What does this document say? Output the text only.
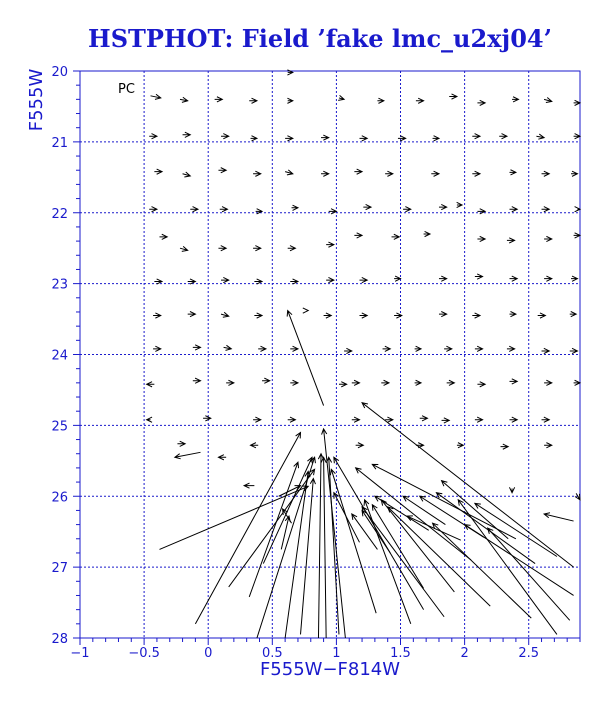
HSTPHOT: Field ’fake lmc_u2xj04’
−1	−0.5	0	0.5	1	1.5	2	2.5
20
21
22
23
24
25
26
27
28
PC
F555W−F814W
F555W
